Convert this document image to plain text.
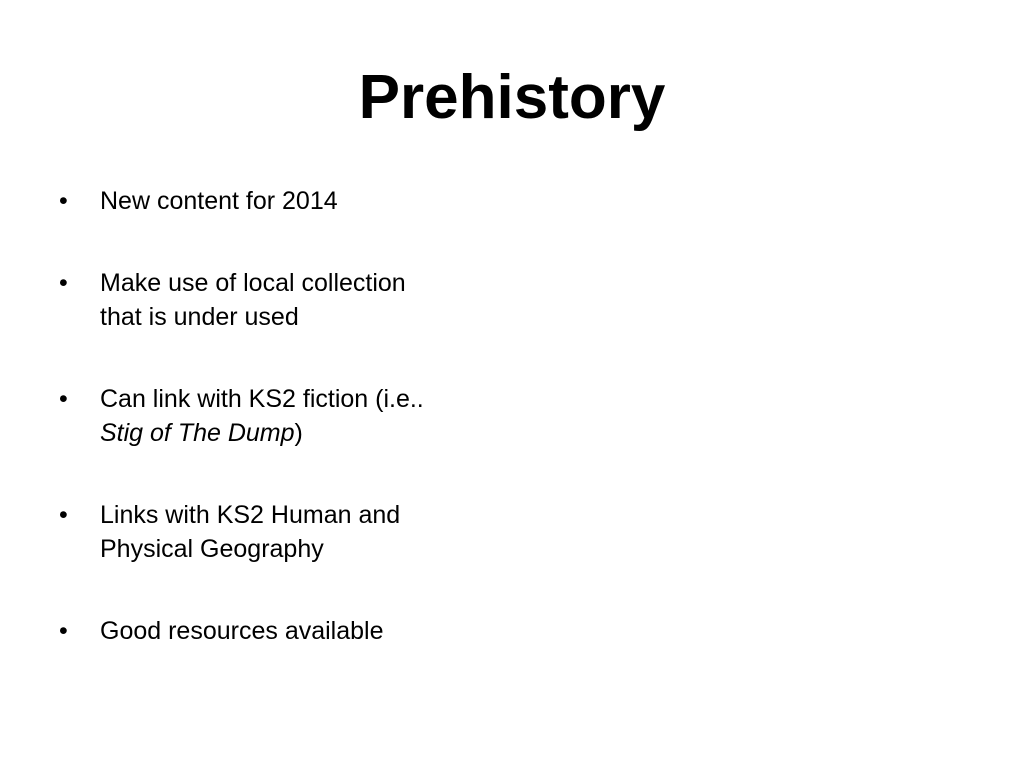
Prehistory
• New content for 2014
• Make use of local collection
that is under used
• Can link with KS2 fiction (i.e..
Stig of The Dump)
• Links with KS2 Human and
Physical Geography
• Good resources available
